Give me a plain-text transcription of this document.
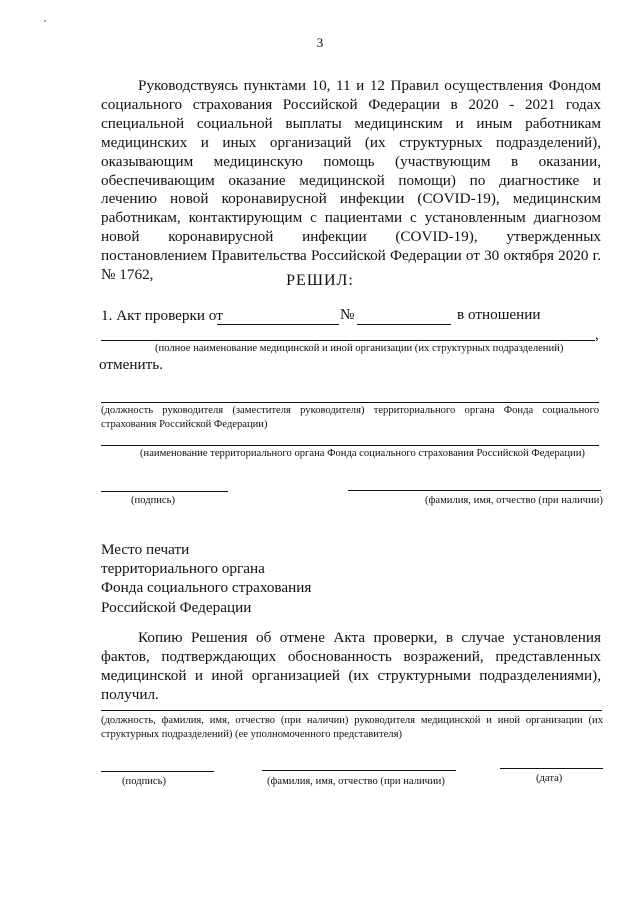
3

Руководствуясь пунктами 10, 11 и 12 Правил осуществления Фондом социального страхования Российской Федерации в 2020 - 2021 годах специальной социальной выплаты медицинским и иным работникам медицинских и иных организаций (их структурных подразделений), оказывающим медицинскую помощь (участвующим в оказании, обеспечивающим оказание медицинской помощи) по диагностике и лечению новой коронавирусной инфекции (COVID-19), медицинским работникам, контактирующим с пациентами с установленным диагнозом новой коронавирусной инфекции (COVID-19), утвержденных постановлением Правительства Российской Федерации от 30 октября 2020 г. № 1762,	РЕШИЛ:
1. Акт проверки от	№	в отношении
,
(полное наименование медицинской и иной организации (их структурных подразделений)
отменить.
(должность руководителя (заместителя руководителя) территориального органа Фонда социального страхования Российской Федерации)
(наименование территориального органа Фонда социального страхования Российской Федерации)
(подпись)	(фамилия, имя, отчество (при наличии)
Место печати
территориального органа
Фонда социального страхования
Российской Федерации

Копию Решения об отмене Акта проверки, в случае установления фактов, подтверждающих обоснованность возражений, представленных медицинской и иной организацией (их структурными подразделениями), получил.

(должность, фамилия, имя, отчество (при наличии) руководителя медицинской и иной организации (их структурных подразделений) (ее уполномоченного представителя)
(подпись)	(фамилия, имя, отчество (при наличии)	(дата)
